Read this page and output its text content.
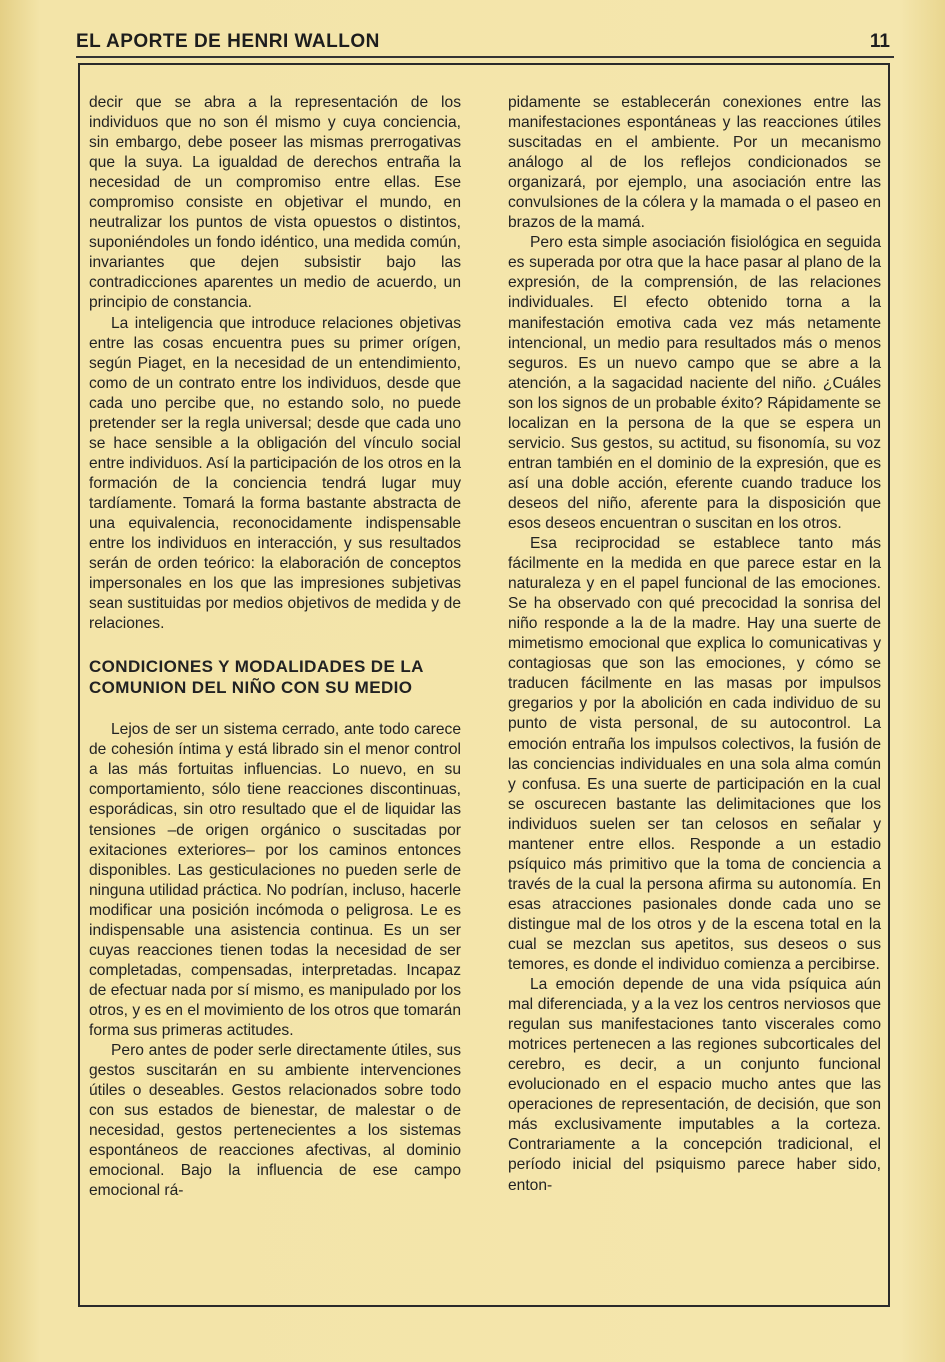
EL APORTE DE HENRI WALLON	11

decir que se abra a la representación de los individuos que no son él mismo y cuya conciencia, sin embargo, debe poseer las mismas prerrogativas que la suya. La igualdad de derechos entraña la necesidad de un compromiso entre ellas. Ese compromiso consiste en objetivar el mundo, en neutralizar los puntos de vista opuestos o distintos, suponiéndoles un fondo idéntico, una medida común, invariantes que dejen subsistir bajo las contradicciones aparentes un medio de acuerdo, un principio de constancia.

La inteligencia que introduce relaciones objetivas entre las cosas encuentra pues su primer orígen, según Piaget, en la necesidad de un entendimiento, como de un contrato entre los individuos, desde que cada uno percibe que, no estando solo, no puede pretender ser la regla universal; desde que cada uno se hace sensible a la obligación del vínculo social entre individuos. Así la participación de los otros en la formación de la conciencia tendrá lugar muy tardíamente. Tomará la forma bastante abstracta de una equivalencia, reconocidamente indispensable entre los individuos en interacción, y sus resultados serán de orden teórico: la elaboración de conceptos impersonales en los que las impresiones subjetivas sean sustituidas por medios objetivos de medida y de relaciones.

CONDICIONES Y MODALIDADES DE LA COMUNION DEL NIÑO CON SU MEDIO

Lejos de ser un sistema cerrado, ante todo carece de cohesión íntima y está librado sin el menor control a las más fortuitas influencias. Lo nuevo, en su comportamiento, sólo tiene reacciones discontinuas, esporádicas, sin otro resultado que el de liquidar las tensiones –de origen orgánico o suscitadas por exitaciones exteriores– por los caminos entonces disponibles. Las gesticulaciones no pueden serle de ninguna utilidad práctica. No podrían, incluso, hacerle modificar una posición incómoda o peligrosa. Le es indispensable una asistencia continua. Es un ser cuyas reacciones tienen todas la necesidad de ser completadas, compensadas, interpretadas. Incapaz de efectuar nada por sí mismo, es manipulado por los otros, y es en el movimiento de los otros que tomarán forma sus primeras actitudes.

Pero antes de poder serle directamente útiles, sus gestos suscitarán en su ambiente intervenciones útiles o deseables. Gestos relacionados sobre todo con sus estados de bienestar, de malestar o de necesidad, gestos pertenecientes a los sistemas espontáneos de reacciones afectivas, al dominio emocional. Bajo la influencia de ese campo emocional rá-

pidamente se establecerán conexiones entre las manifestaciones espontáneas y las reacciones útiles suscitadas en el ambiente. Por un mecanismo análogo al de los reflejos condicionados se organizará, por ejemplo, una asociación entre las convulsiones de la cólera y la mamada o el paseo en brazos de la mamá.

Pero esta simple asociación fisiológica en seguida es superada por otra que la hace pasar al plano de la expresión, de la comprensión, de las relaciones individuales. El efecto obtenido torna a la manifestación emotiva cada vez más netamente intencional, un medio para resultados más o menos seguros. Es un nuevo campo que se abre a la atención, a la sagacidad naciente del niño. ¿Cuáles son los signos de un probable éxito? Rápidamente se localizan en la persona de la que se espera un servicio. Sus gestos, su actitud, su fisonomía, su voz entran también en el dominio de la expresión, que es así una doble acción, eferente cuando traduce los deseos del niño, aferente para la disposición que esos deseos encuentran o suscitan en los otros.

Esa reciprocidad se establece tanto más fácilmente en la medida en que parece estar en la naturaleza y en el papel funcional de las emociones. Se ha observado con qué precocidad la sonrisa del niño responde a la de la madre. Hay una suerte de mimetismo emocional que explica lo comunicativas y contagiosas que son las emociones, y cómo se traducen fácilmente en las masas por impulsos gregarios y por la abolición en cada individuo de su punto de vista personal, de su autocontrol. La emoción entraña los impulsos colectivos, la fusión de las conciencias individuales en una sola alma común y confusa. Es una suerte de participación en la cual se oscurecen bastante las delimitaciones que los individuos suelen ser tan celosos en señalar y mantener entre ellos. Responde a un estadio psíquico más primitivo que la toma de conciencia a través de la cual la persona afirma su autonomía. En esas atracciones pasionales donde cada uno se distingue mal de los otros y de la escena total en la cual se mezclan sus apetitos, sus deseos o sus temores, es donde el individuo comienza a percibirse.

La emoción depende de una vida psíquica aún mal diferenciada, y a la vez los centros nerviosos que regulan sus manifestaciones tanto viscerales como motrices pertenecen a las regiones subcorticales del cerebro, es decir, a un conjunto funcional evolucionado en el espacio mucho antes que las operaciones de representación, de decisión, que son más exclusivamente imputables a la corteza. Contrariamente a la concepción tradicional, el período inicial del psiquismo parece haber sido, enton-
